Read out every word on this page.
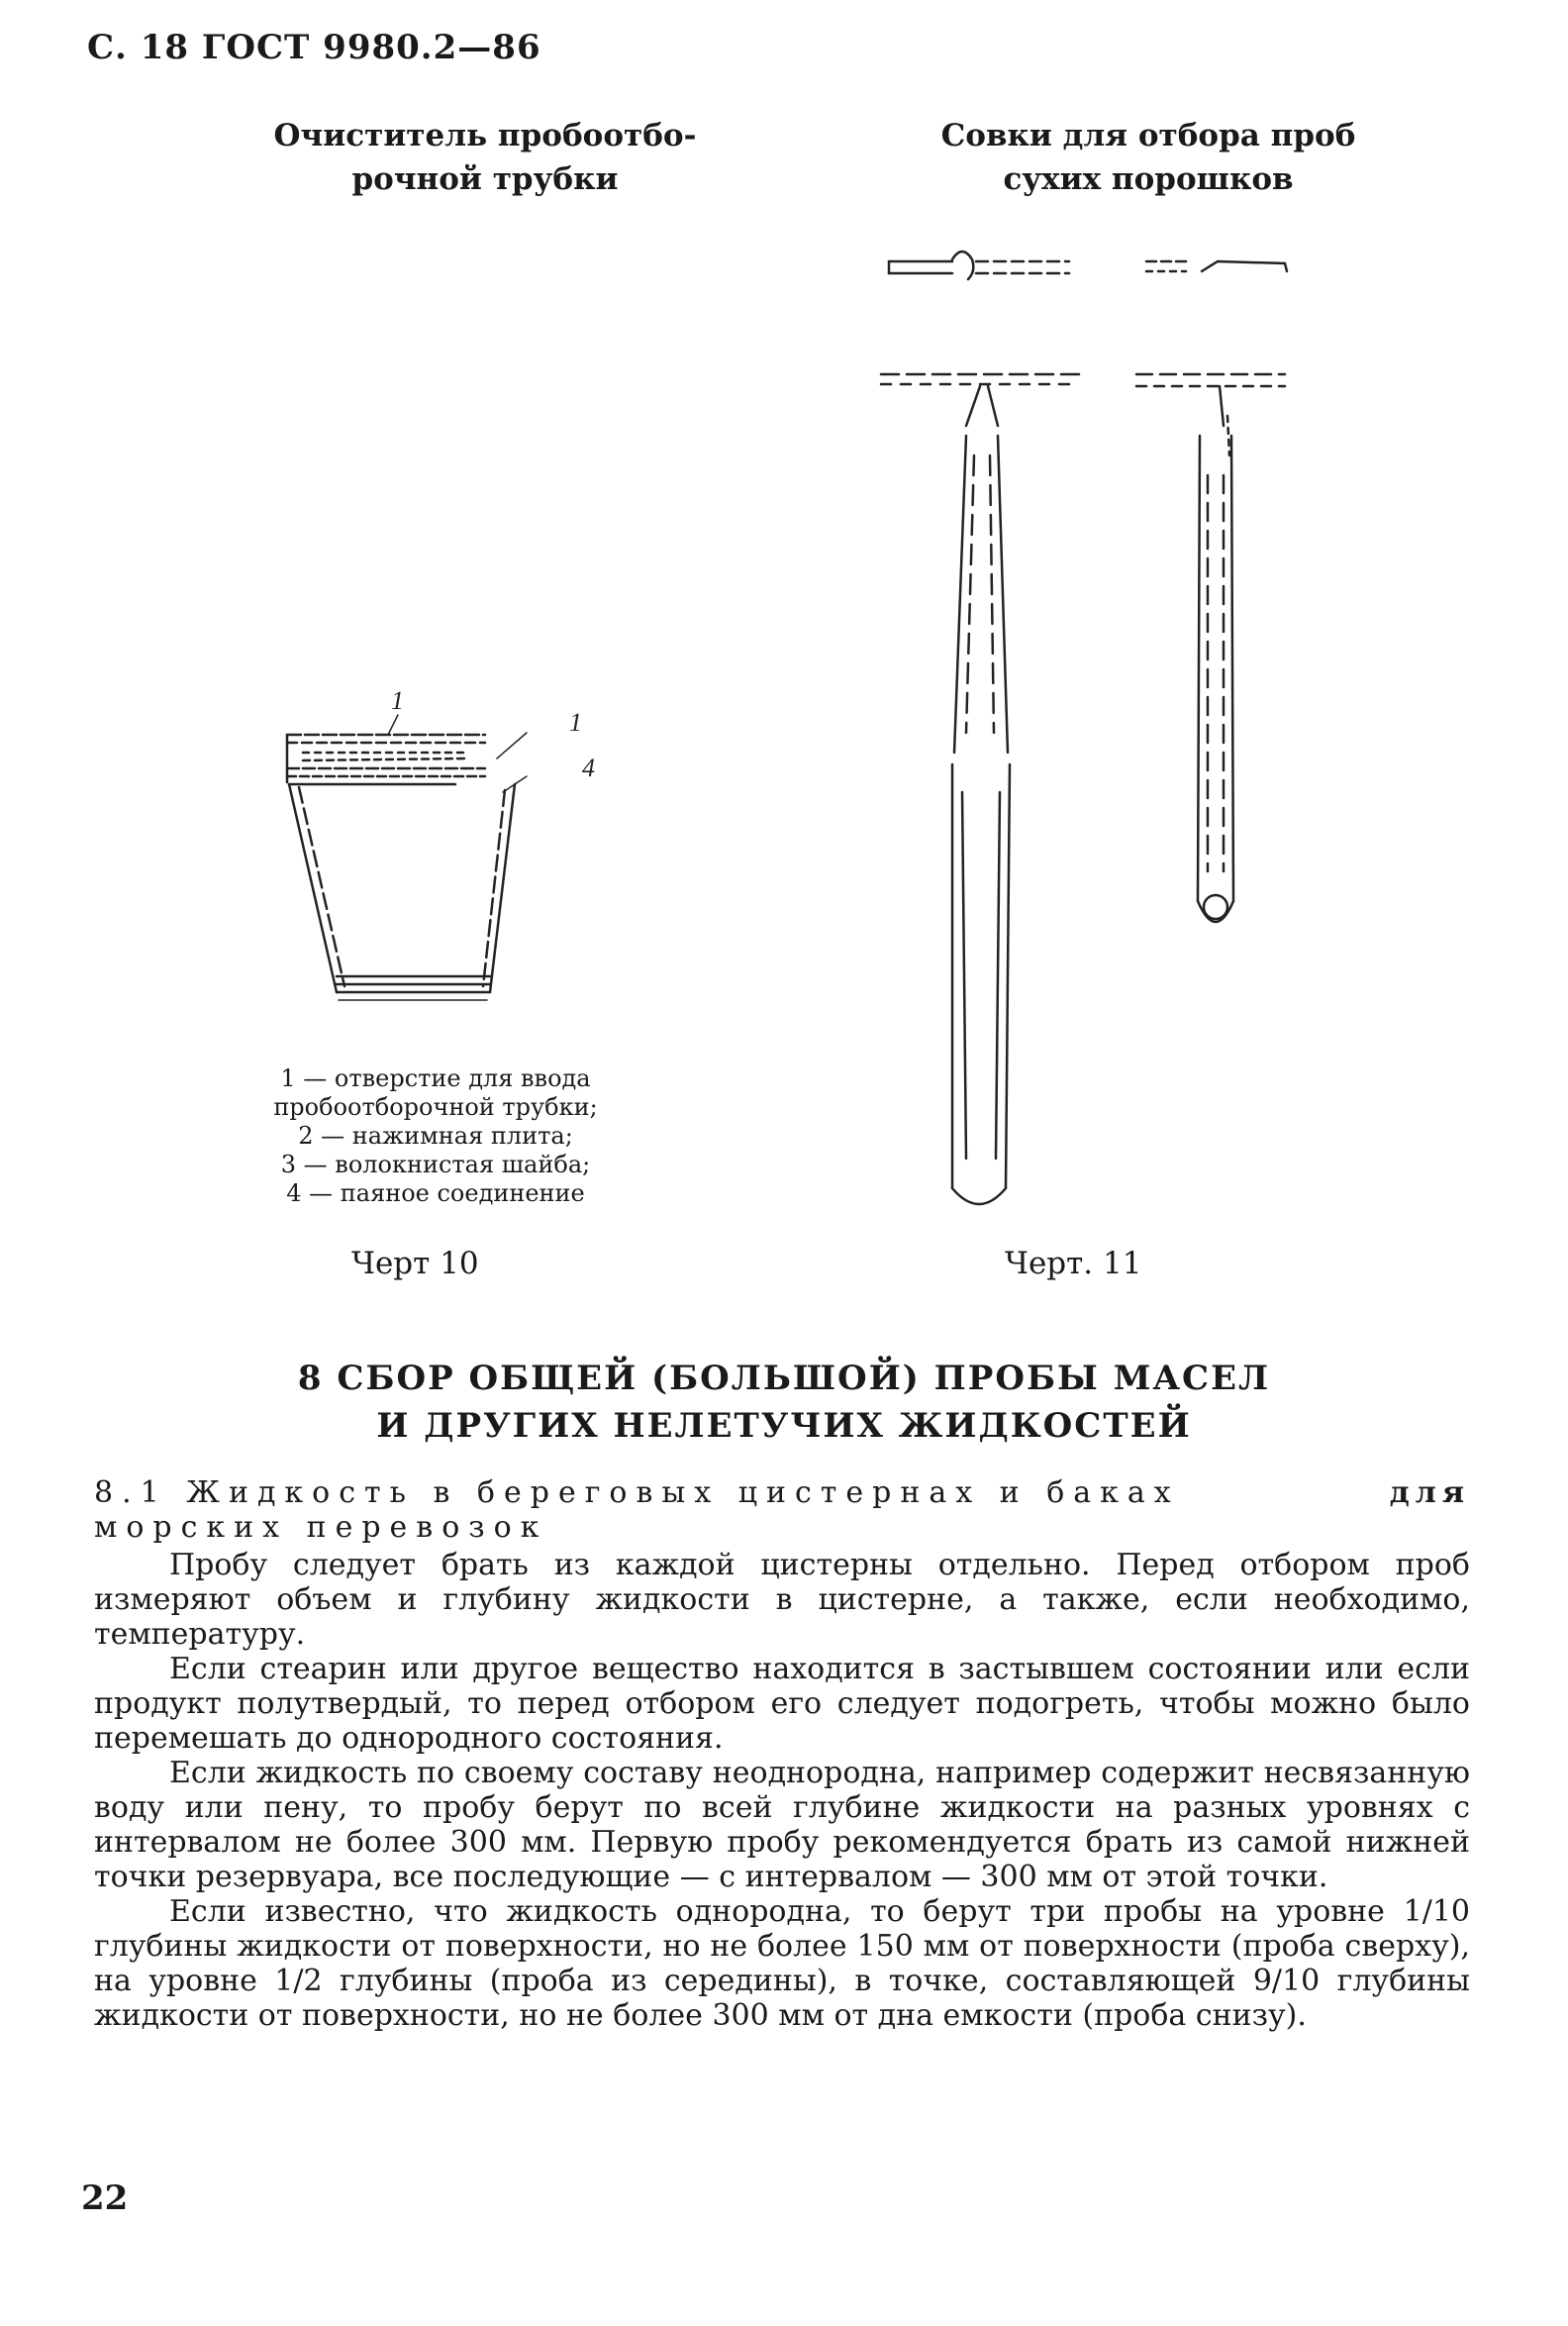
С. 18 ГОСТ 9980.2—86
Очиститель пробоотбо-
рочной трубки
Совки для отбора проб
сухих порошков
1
1
4
1 — отверстие для ввода
пробоотборочной трубки;
2 — нажимная плита;
3 — волокнистая шайба;
4 — паяное соединение
Черт 10	Черт. 11
8 СБОР ОБЩЕЙ (БОЛЬШОЙ) ПРОБЫ МАСЕЛ
И ДРУГИХ НЕЛЕТУЧИХ ЖИДКОСТЕЙ
для
8.1 Жидкость в береговых цистернах и баках
морских перевозок

Пробу следует брать из каждой цистерны отдельно. Перед отбором проб измеряют объем и глубину жидкости в цистерне, а также, если необходимо, температуру.

Если стеарин или другое вещество находится в застывшем состоянии или если продукт полутвердый, то перед отбором его следует подогреть, чтобы можно было перемешать до однородного состояния.

Если жидкость по своему составу неоднородна, например содержит несвязанную воду или пену, то пробу берут по всей глубине жидкости на разных уровнях с интервалом не более 300 мм. Первую пробу рекомендуется брать из самой нижней точки резервуара, все последующие — с интервалом — 300 мм от этой точки.

Если известно, что жидкость однородна, то берут три пробы на уровне 1/10 глубины жидкости от поверхности, но не более 150 мм от поверхности (проба сверху), на уровне 1/2 глубины (проба из середины), в точке, составляющей 9/10 глубины жидкости от поверхности, но не более 300 мм от дна емкости (проба снизу).

22
